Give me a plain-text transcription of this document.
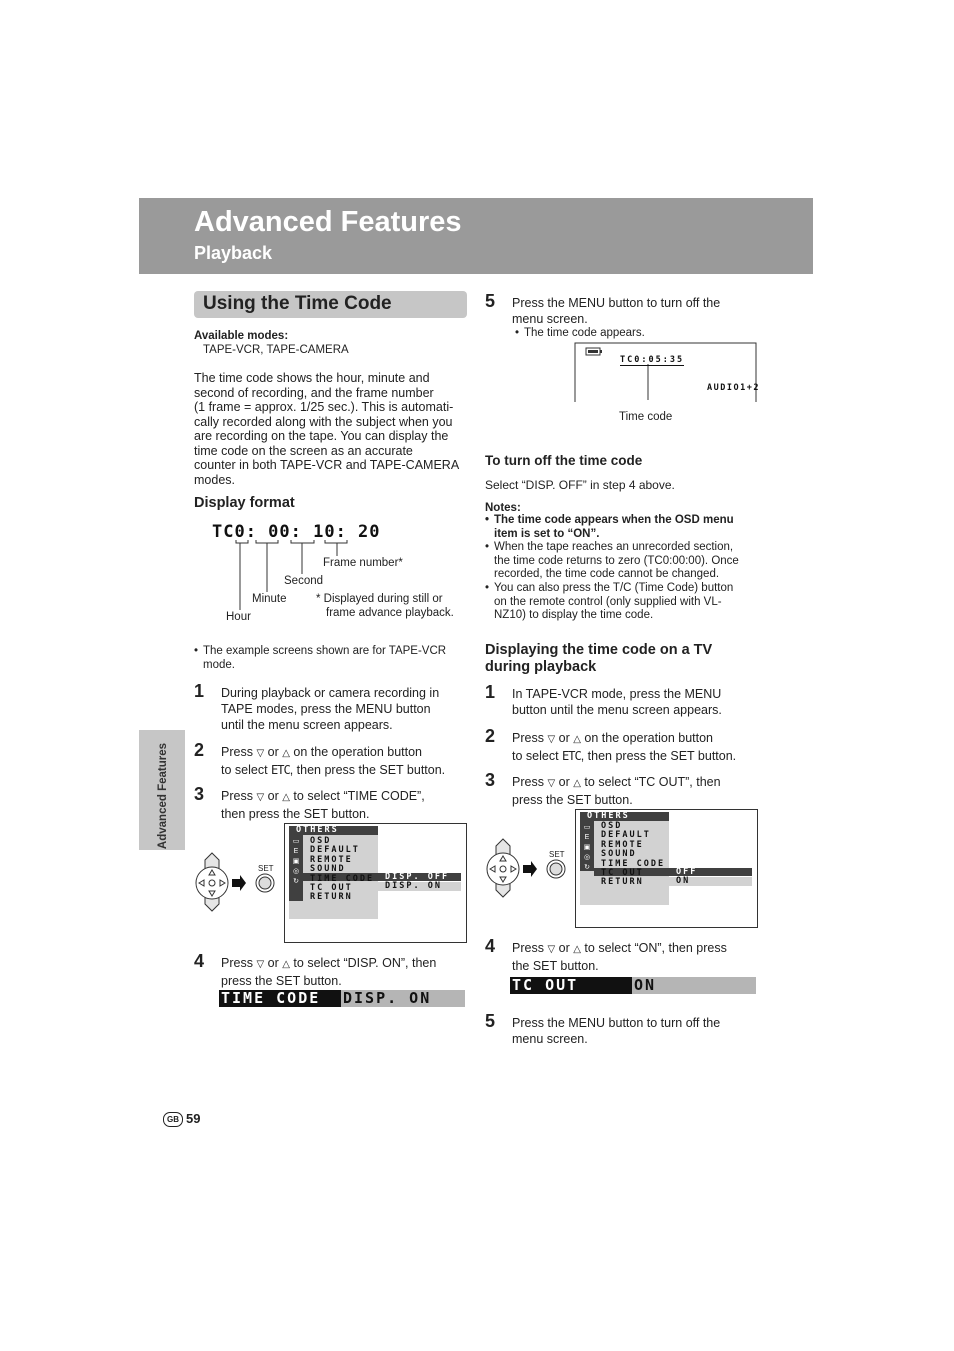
Advanced Features
Playback
Advanced Features
Using the Time Code
Available modes:
TAPE-VCR, TAPE-CAMERA
The time code shows the hour, minute and
second of recording, and the frame number
(1 frame = approx. 1/25 sec.). This is automati-
cally recorded along with the subject when you
are recording on the tape. You can display the
time code on the screen as an accurate
counter in both TAPE-VCR and TAPE-CAMERA
modes.
Display format
TC0: 00: 10: 20
Frame number*
Second
Minute
Hour
* Displayed during still or
frame advance playback.
• The example screens shown are for TAPE-VCR
mode.
1 During playback or camera recording in
TAPE modes, press the MENU button
until the menu screen appears.
2 Press ▽ or △ on the operation button
to select ETC, then press the SET button.
3 Press ▽ or △ to select “TIME CODE”,
then press the SET button.
SET
OTHERS
▭
E
▣
◎
↻
OSD
DEFAULT
REMOTE
SOUND
TIME CODE
TC OUT
RETURN
DISP. OFF
DISP. ON
4 Press ▽ or △ to select “DISP. ON”, then
press the SET button.
TIME CODE	DISP. ON
5 Press the MENU button to turn off the
menu screen.
• The time code appears.
TC0:05:35
AUDIO1+2
Time code
To turn off the time code
Select “DISP. OFF” in step 4 above.
Notes:
• The time code appears when the OSD menu
item is set to “ON”.
• When the tape reaches an unrecorded section,
the time code returns to zero (TC0:00:00). Once
recorded, the time code cannot be changed.
• You can also press the T/C (Time Code) button
on the remote control (only supplied with VL-
NZ10) to display the time code.
Displaying the time code on a TV
during playback
1 In TAPE-VCR mode, press the MENU
button until the menu screen appears.
2 Press ▽ or △ on the operation button
to select ETC, then press the SET button.
3 Press ▽ or △ to select “TC OUT”, then
press the SET button.
SET
OTHERS
▭
E
▣
◎
↻
OSD
DEFAULT
REMOTE
SOUND
TIME CODE
TC OUT
RETURN
OFF
ON
4 Press ▽ or △ to select “ON”, then press
the SET button.
TC OUT	ON
5 Press the MENU button to turn off the
menu screen.
GB 59
